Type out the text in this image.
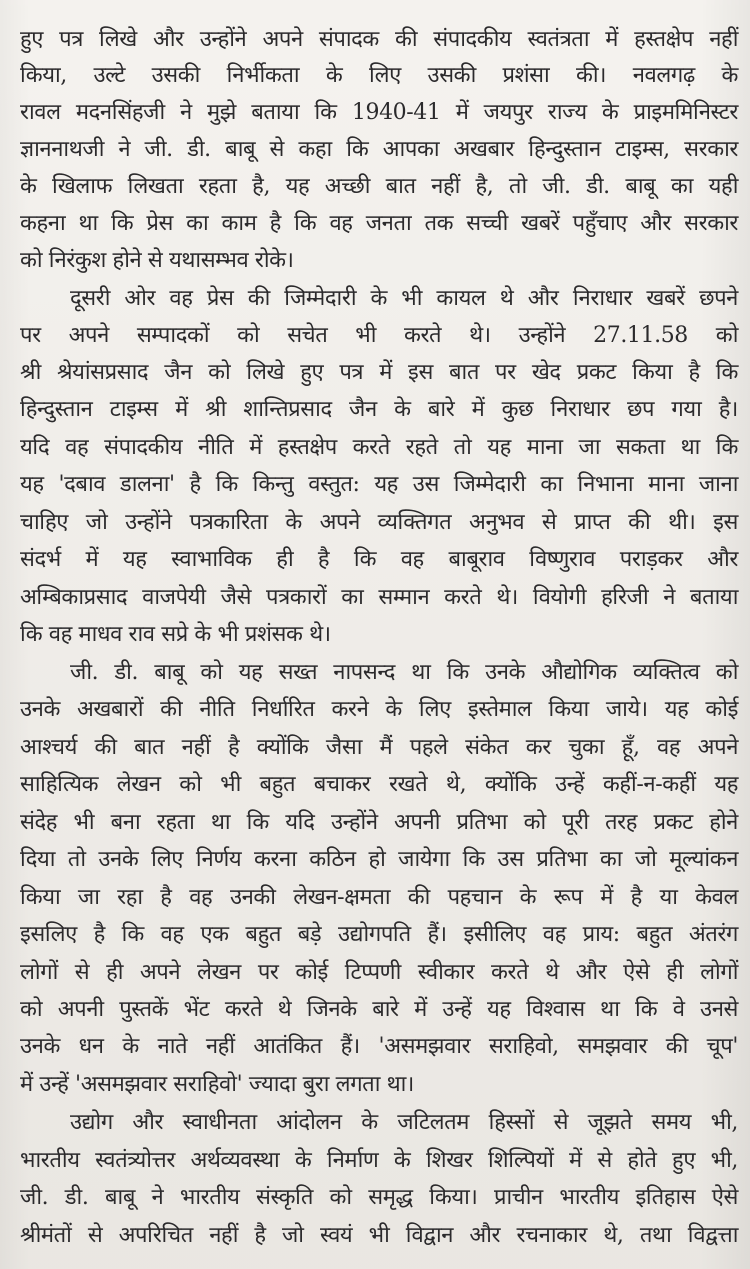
हुए पत्र लिखे और उन्होंने अपने संपादक की संपादकीय स्वतंत्रता में हस्तक्षेप नहीं
किया, उल्टे उसकी निर्भीकता के लिए उसकी प्रशंसा की। नवलगढ़ के
रावल मदनसिंहजी ने मुझे बताया कि 1940-41 में जयपुर राज्य के प्राइममिनिस्टर
ज्ञाननाथजी ने जी. डी. बाबू से कहा कि आपका अखबार हिन्दुस्तान टाइम्स, सरकार
के खिलाफ लिखता रहता है, यह अच्छी बात नहीं है, तो जी. डी. बाबू का यही
कहना था कि प्रेस का काम है कि वह जनता तक सच्ची खबरें पहुँचाए और सरकार
को निरंकुश होने से यथासम्भव रोके।
दूसरी ओर वह प्रेस की जिम्मेदारी के भी कायल थे और निराधार खबरें छपने
पर अपने सम्पादकों को सचेत भी करते थे। उन्होंने 27.11.58 को
श्री श्रेयांसप्रसाद जैन को लिखे हुए पत्र में इस बात पर खेद प्रकट किया है कि
हिन्दुस्तान टाइम्स में श्री शान्तिप्रसाद जैन के बारे में कुछ निराधार छप गया है।
यदि वह संपादकीय नीति में हस्तक्षेप करते रहते तो यह माना जा सकता था कि
यह 'दबाव डालना' है कि किन्तु वस्तुत: यह उस जिम्मेदारी का निभाना माना जाना
चाहिए जो उन्होंने पत्रकारिता के अपने व्यक्तिगत अनुभव से प्राप्त की थी। इस
संदर्भ में यह स्वाभाविक ही है कि वह बाबूराव विष्णुराव पराड़कर और
अम्बिकाप्रसाद वाजपेयी जैसे पत्रकारों का सम्मान करते थे। वियोगी हरिजी ने बताया
कि वह माधव राव सप्रे के भी प्रशंसक थे।
जी. डी. बाबू को यह सख्त नापसन्द था कि उनके औद्योगिक व्यक्तित्व को
उनके अखबारों की नीति निर्धारित करने के लिए इस्तेमाल किया जाये। यह कोई
आश्चर्य की बात नहीं है क्योंकि जैसा मैं पहले संकेत कर चुका हूँ, वह अपने
साहित्यिक लेखन को भी बहुत बचाकर रखते थे, क्योंकि उन्हें कहीं-न-कहीं यह
संदेह भी बना रहता था कि यदि उन्होंने अपनी प्रतिभा को पूरी तरह प्रकट होने
दिया तो उनके लिए निर्णय करना कठिन हो जायेगा कि उस प्रतिभा का जो मूल्यांकन
किया जा रहा है वह उनकी लेखन-क्षमता की पहचान के रूप में है या केवल
इसलिए है कि वह एक बहुत बड़े उद्योगपति हैं। इसीलिए वह प्राय: बहुत अंतरंग
लोगों से ही अपने लेखन पर कोई टिप्पणी स्वीकार करते थे और ऐसे ही लोगों
को अपनी पुस्तकें भेंट करते थे जिनके बारे में उन्हें यह विश्वास था कि वे उनसे
उनके धन के नाते नहीं आतंकित हैं। 'असमझवार सराहिवो, समझवार की चूप'
में उन्हें 'असमझवार सराहिवो' ज्यादा बुरा लगता था।
उद्योग और स्वाधीनता आंदोलन के जटिलतम हिस्सों से जूझते समय भी,
भारतीय स्वतंत्र्योत्तर अर्थव्यवस्था के निर्माण के शिखर शिल्पियों में से होते हुए भी,
जी. डी. बाबू ने भारतीय संस्कृति को समृद्ध किया। प्राचीन भारतीय इतिहास ऐसे
श्रीमंतों से अपरिचित नहीं है जो स्वयं भी विद्वान और रचनाकार थे, तथा विद्वत्ता
